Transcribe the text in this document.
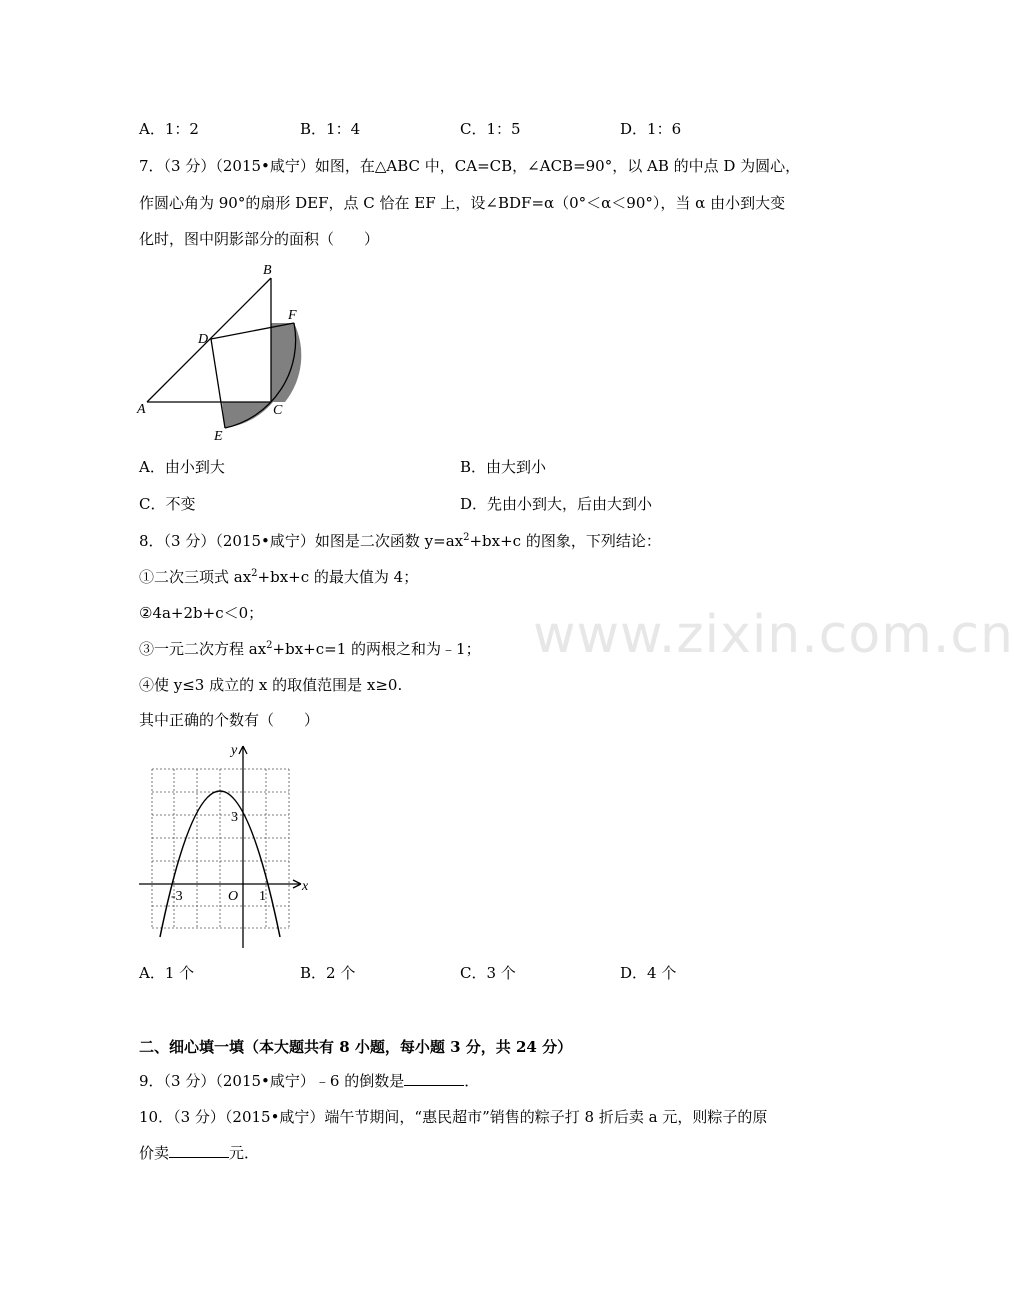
www.zixin.com.cn
A．1：2	B．1：4	C．1：5	D．1：6
7．（3 分）（2015•咸宁）如图，在△ABC 中，CA=CB，∠ACB=90°，以 AB 的中点 D 为圆心，
作圆心角为 90°的扇形 DEF，点 C 恰在 EF 上，设∠BDF=α（0°＜α＜90°），当 α 由小到大变
化时，图中阴影部分的面积（　　）
B
F
D
A	C
E
A．由小到大	B．由大到小
C．不变	D．先由小到大，后由大到小
8．（3 分）（2015•咸宁）如图是二次函数 $y=ax^2+bx+c$ 的图象，下列结论：
①二次三项式 $ax^2+bx+c$ 的最大值为 4；
②4a+2b+c＜0；
③一元二次方程 $ax^2+bx+c=1$ 的两根之和为﹣1；
④使 y≤3 成立的 x 的取值范围是 x≥0.
其中正确的个数有（　　）
y
x
3
-3	O 1
A．1 个	B．2 个	C．3 个	D．4 个
二、细心填一填（本大题共有 8 小题，每小题 3 分，共 24 分）
9．（3 分）（2015•咸宁）﹣6 的倒数是	．
10．（3 分）（2015•咸宁）端午节期间，“惠民超市”销售的粽子打 8 折后卖 a 元，则粽子的原
价卖	元．
